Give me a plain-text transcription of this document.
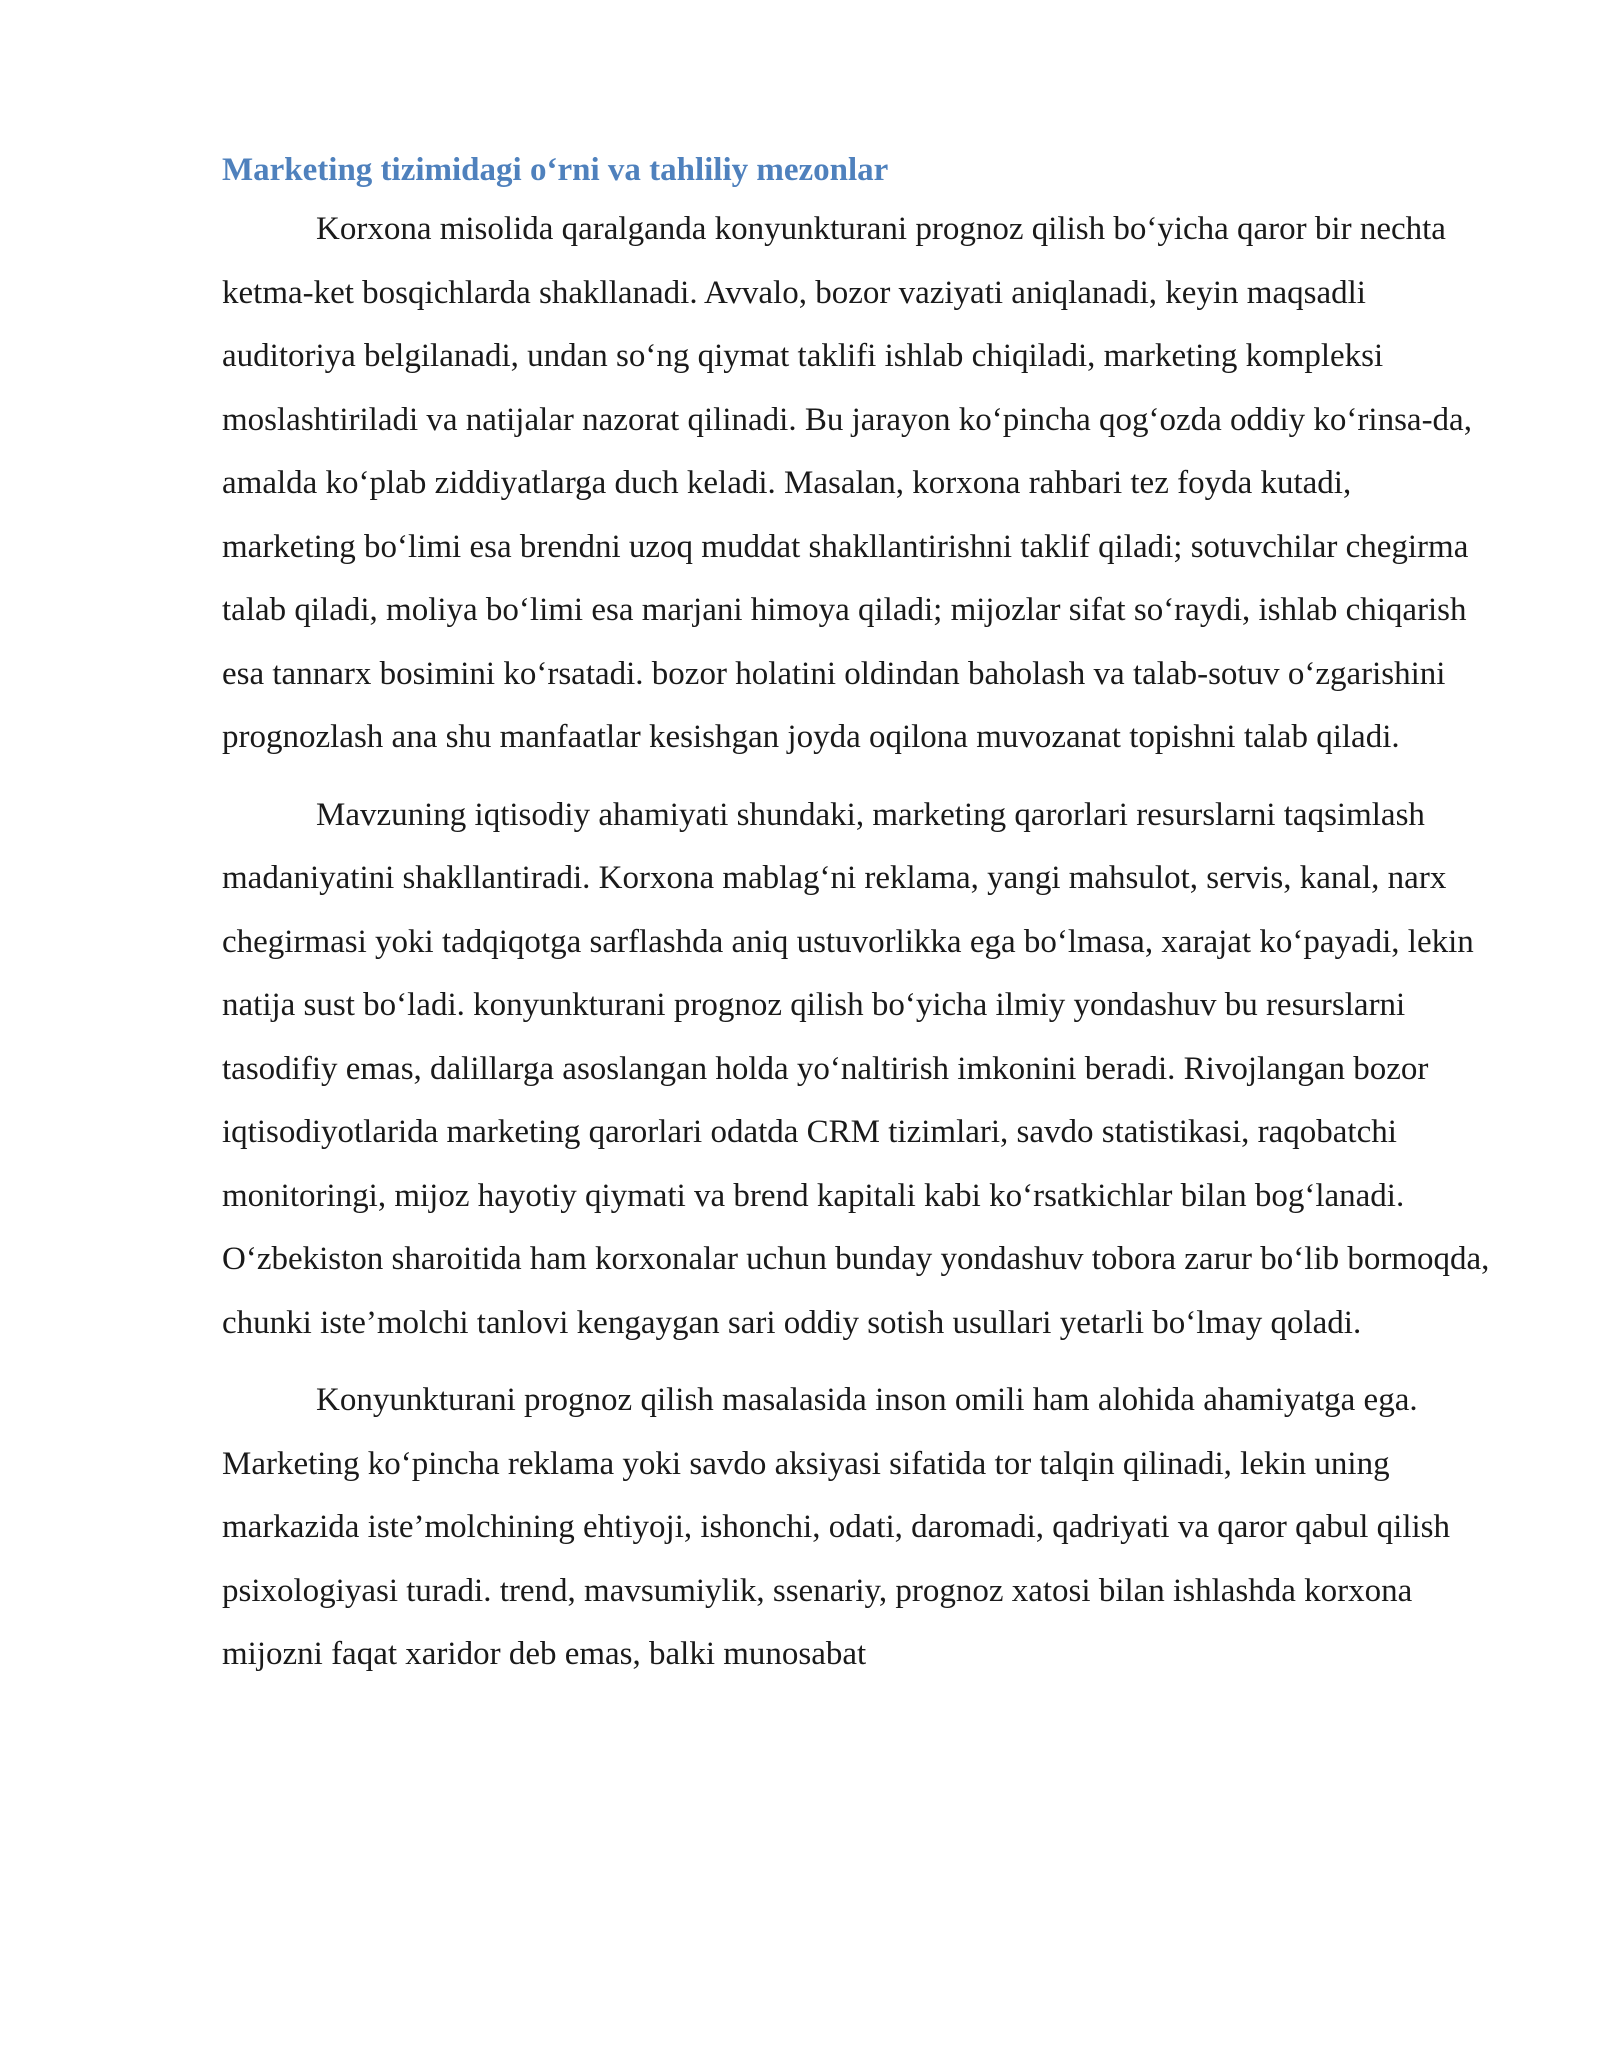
Marketing tizimidagi o‘rni va tahliliy mezonlar

Korxona misolida qaralganda konyunkturani prognoz qilish bo‘yicha qaror bir nechta ketma-ket bosqichlarda shakllanadi. Avvalo, bozor vaziyati aniqlanadi, keyin maqsadli auditoriya belgilanadi, undan so‘ng qiymat taklifi ishlab chiqiladi, marketing kompleksi moslashtiriladi va natijalar nazorat qilinadi. Bu jarayon ko‘pincha qog‘ozda oddiy ko‘rinsa-da, amalda ko‘plab ziddiyatlarga duch keladi. Masalan, korxona rahbari tez foyda kutadi, marketing bo‘limi esa brendni uzoq muddat shakllantirishni taklif qiladi; sotuvchilar chegirma talab qiladi, moliya bo‘limi esa marjani himoya qiladi; mijozlar sifat so‘raydi, ishlab chiqarish esa tannarx bosimini ko‘rsatadi. bozor holatini oldindan baholash va talab-sotuv o‘zgarishini prognozlash ana shu manfaatlar kesishgan joyda oqilona muvozanat topishni talab qiladi.

Mavzuning iqtisodiy ahamiyati shundaki, marketing qarorlari resurslarni taqsimlash madaniyatini shakllantiradi. Korxona mablag‘ni reklama, yangi mahsulot, servis, kanal, narx chegirmasi yoki tadqiqotga sarflashda aniq ustuvorlikka ega bo‘lmasa, xarajat ko‘payadi, lekin natija sust bo‘ladi. konyunkturani prognoz qilish bo‘yicha ilmiy yondashuv bu resurslarni tasodifiy emas, dalillarga asoslangan holda yo‘naltirish imkonini beradi. Rivojlangan bozor iqtisodiyotlarida marketing qarorlari odatda CRM tizimlari, savdo statistikasi, raqobatchi monitoringi, mijoz hayotiy qiymati va brend kapitali kabi ko‘rsatkichlar bilan bog‘lanadi. O‘zbekiston sharoitida ham korxonalar uchun bunday yondashuv tobora zarur bo‘lib bormoqda, chunki iste’molchi tanlovi kengaygan sari oddiy sotish usullari yetarli bo‘lmay qoladi.

Konyunkturani prognoz qilish masalasida inson omili ham alohida ahamiyatga ega. Marketing ko‘pincha reklama yoki savdo aksiyasi sifatida tor talqin qilinadi, lekin uning markazida iste’molchining ehtiyoji, ishonchi, odati, daromadi, qadriyati va qaror qabul qilish psixologiyasi turadi. trend, mavsumiylik, ssenariy, prognoz xatosi bilan ishlashda korxona mijozni faqat xaridor deb emas, balki munosabat
